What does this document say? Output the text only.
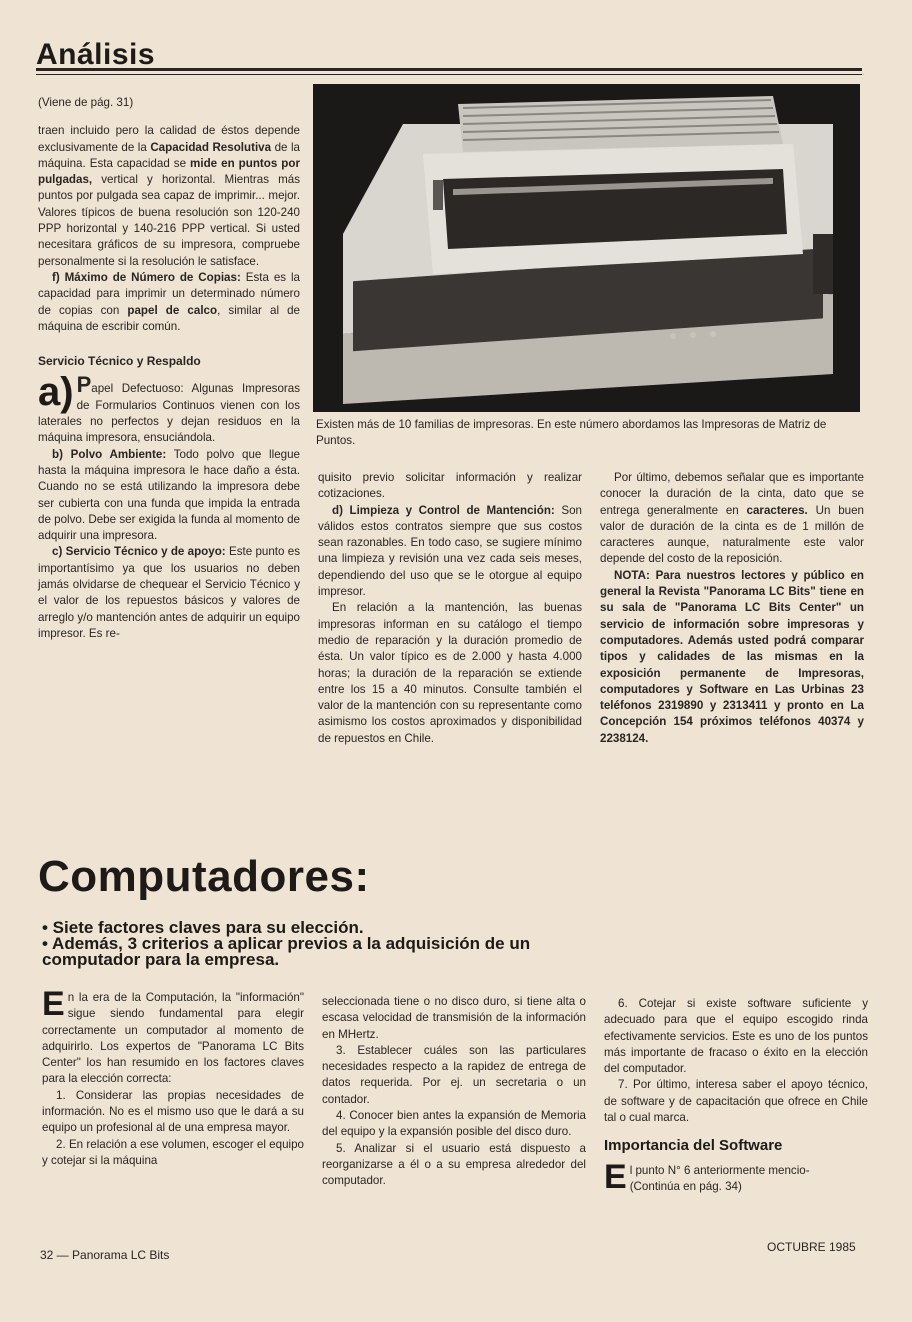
Análisis

(Viene de pág. 31)

traen incluido pero la calidad de éstos depende exclusivamente de la Capacidad Resolutiva de la máquina. Esta capacidad se mide en puntos por pulgadas, vertical y horizontal. Mientras más puntos por pulgada sea capaz de imprimir... mejor. Valores típicos de buena resolución son 120-240 PPP horizontal y 140-216 PPP vertical. Si usted necesitara gráficos de su impresora, compruebe personalmente si la resolución le satisface.

f) Máximo de Número de Copias: Esta es la capacidad para imprimir un determinado número de copias con papel de calco, similar al de máquina de escribir común.

Servicio Técnico y Respaldo

a) Papel Defectuoso: Algunas Impresoras de Formularios Continuos vienen con los laterales no perfectos y dejan residuos en la máquina impresora, ensuciándola.

b) Polvo Ambiente: Todo polvo que llegue hasta la máquina impresora le hace daño a ésta. Cuando no se está utilizando la impresora debe ser cubierta con una funda que impida la entrada de polvo. Debe ser exigida la funda al momento de adquirir una impresora.

c) Servicio Técnico y de apoyo: Este punto es importantísimo ya que los usuarios no deben jamás olvidarse de chequear el Servicio Técnico y el valor de los repuestos básicos y valores de arreglo y/o mantención antes de adquirir un equipo impresor. Es re-

Existen más de 10 familias de impresoras. En este número abordamos las Impresoras de Matriz de Puntos.

quisito previo solicitar información y realizar cotizaciones.

d) Limpieza y Control de Mantención: Son válidos estos contratos siempre que sus costos sean razonables. En todo caso, se sugiere mínimo una limpieza y revisión una vez cada seis meses, dependiendo del uso que se le otorgue al equipo impresor.

En relación a la mantención, las buenas impresoras informan en su catálogo el tiempo medio de reparación y la duración promedio de ésta. Un valor típico es de 2.000 y hasta 4.000 horas; la duración de la reparación se extiende entre los 15 a 40 minutos. Consulte también el valor de la mantención con su representante como asimismo los costos aproximados y disponibilidad de repuestos en Chile.

Por último, debemos señalar que es importante conocer la duración de la cinta, dato que se entrega generalmente en caracteres. Un buen valor de duración de la cinta es de 1 millón de caracteres aunque, naturalmente este valor depende del costo de la reposición.

NOTA: Para nuestros lectores y público en general la Revista "Panorama LC Bits" tiene en su sala de "Panorama LC Bits Center" un servicio de información sobre impresoras y computadores. Además usted podrá comparar tipos y calidades de las mismas en la exposición permanente de Impresoras, computadores y Software en Las Urbinas 23 teléfonos 2319890 y 2313411 y pronto en La Concepción 154 próximos teléfonos 40374 y 2238124.

Computadores:
• Siete factores claves para su elección.
• Además, 3 criterios a aplicar previos a la adquisición de un computador para la empresa.

En la era de la Computación, la "información" sigue siendo fundamental para elegir correctamente un computador al momento de adquirirlo. Los expertos de "Panorama LC Bits Center" los han resumido en los factores claves para la elección correcta:

1. Considerar las propias necesidades de información. No es el mismo uso que le dará a su equipo un profesional al de una empresa mayor.

2. En relación a ese volumen, escoger el equipo y cotejar si la máquina

seleccionada tiene o no disco duro, si tiene alta o escasa velocidad de transmisión de la información en MHertz.

3. Establecer cuáles son las particulares necesidades respecto a la rapidez de entrega de datos requerida. Por ej. un secretaria o un contador.

4. Conocer bien antes la expansión de Memoria del equipo y la expansión posible del disco duro.

5. Analizar si el usuario está dispuesto a reorganizarse a él o a su empresa alrededor del computador.

6. Cotejar si existe software suficiente y adecuado para que el equipo escogido rinda efectivamente servicios. Este es uno de los puntos más importante de fracaso o éxito en la elección del computador.

7. Por último, interesa saber el apoyo técnico, de software y de capacitación que ofrece en Chile tal o cual marca.

Importancia del Software

El punto N° 6 anteriormente mencio-

(Continúa en pág. 34)

32 — Panorama LC Bits
OCTUBRE 1985
